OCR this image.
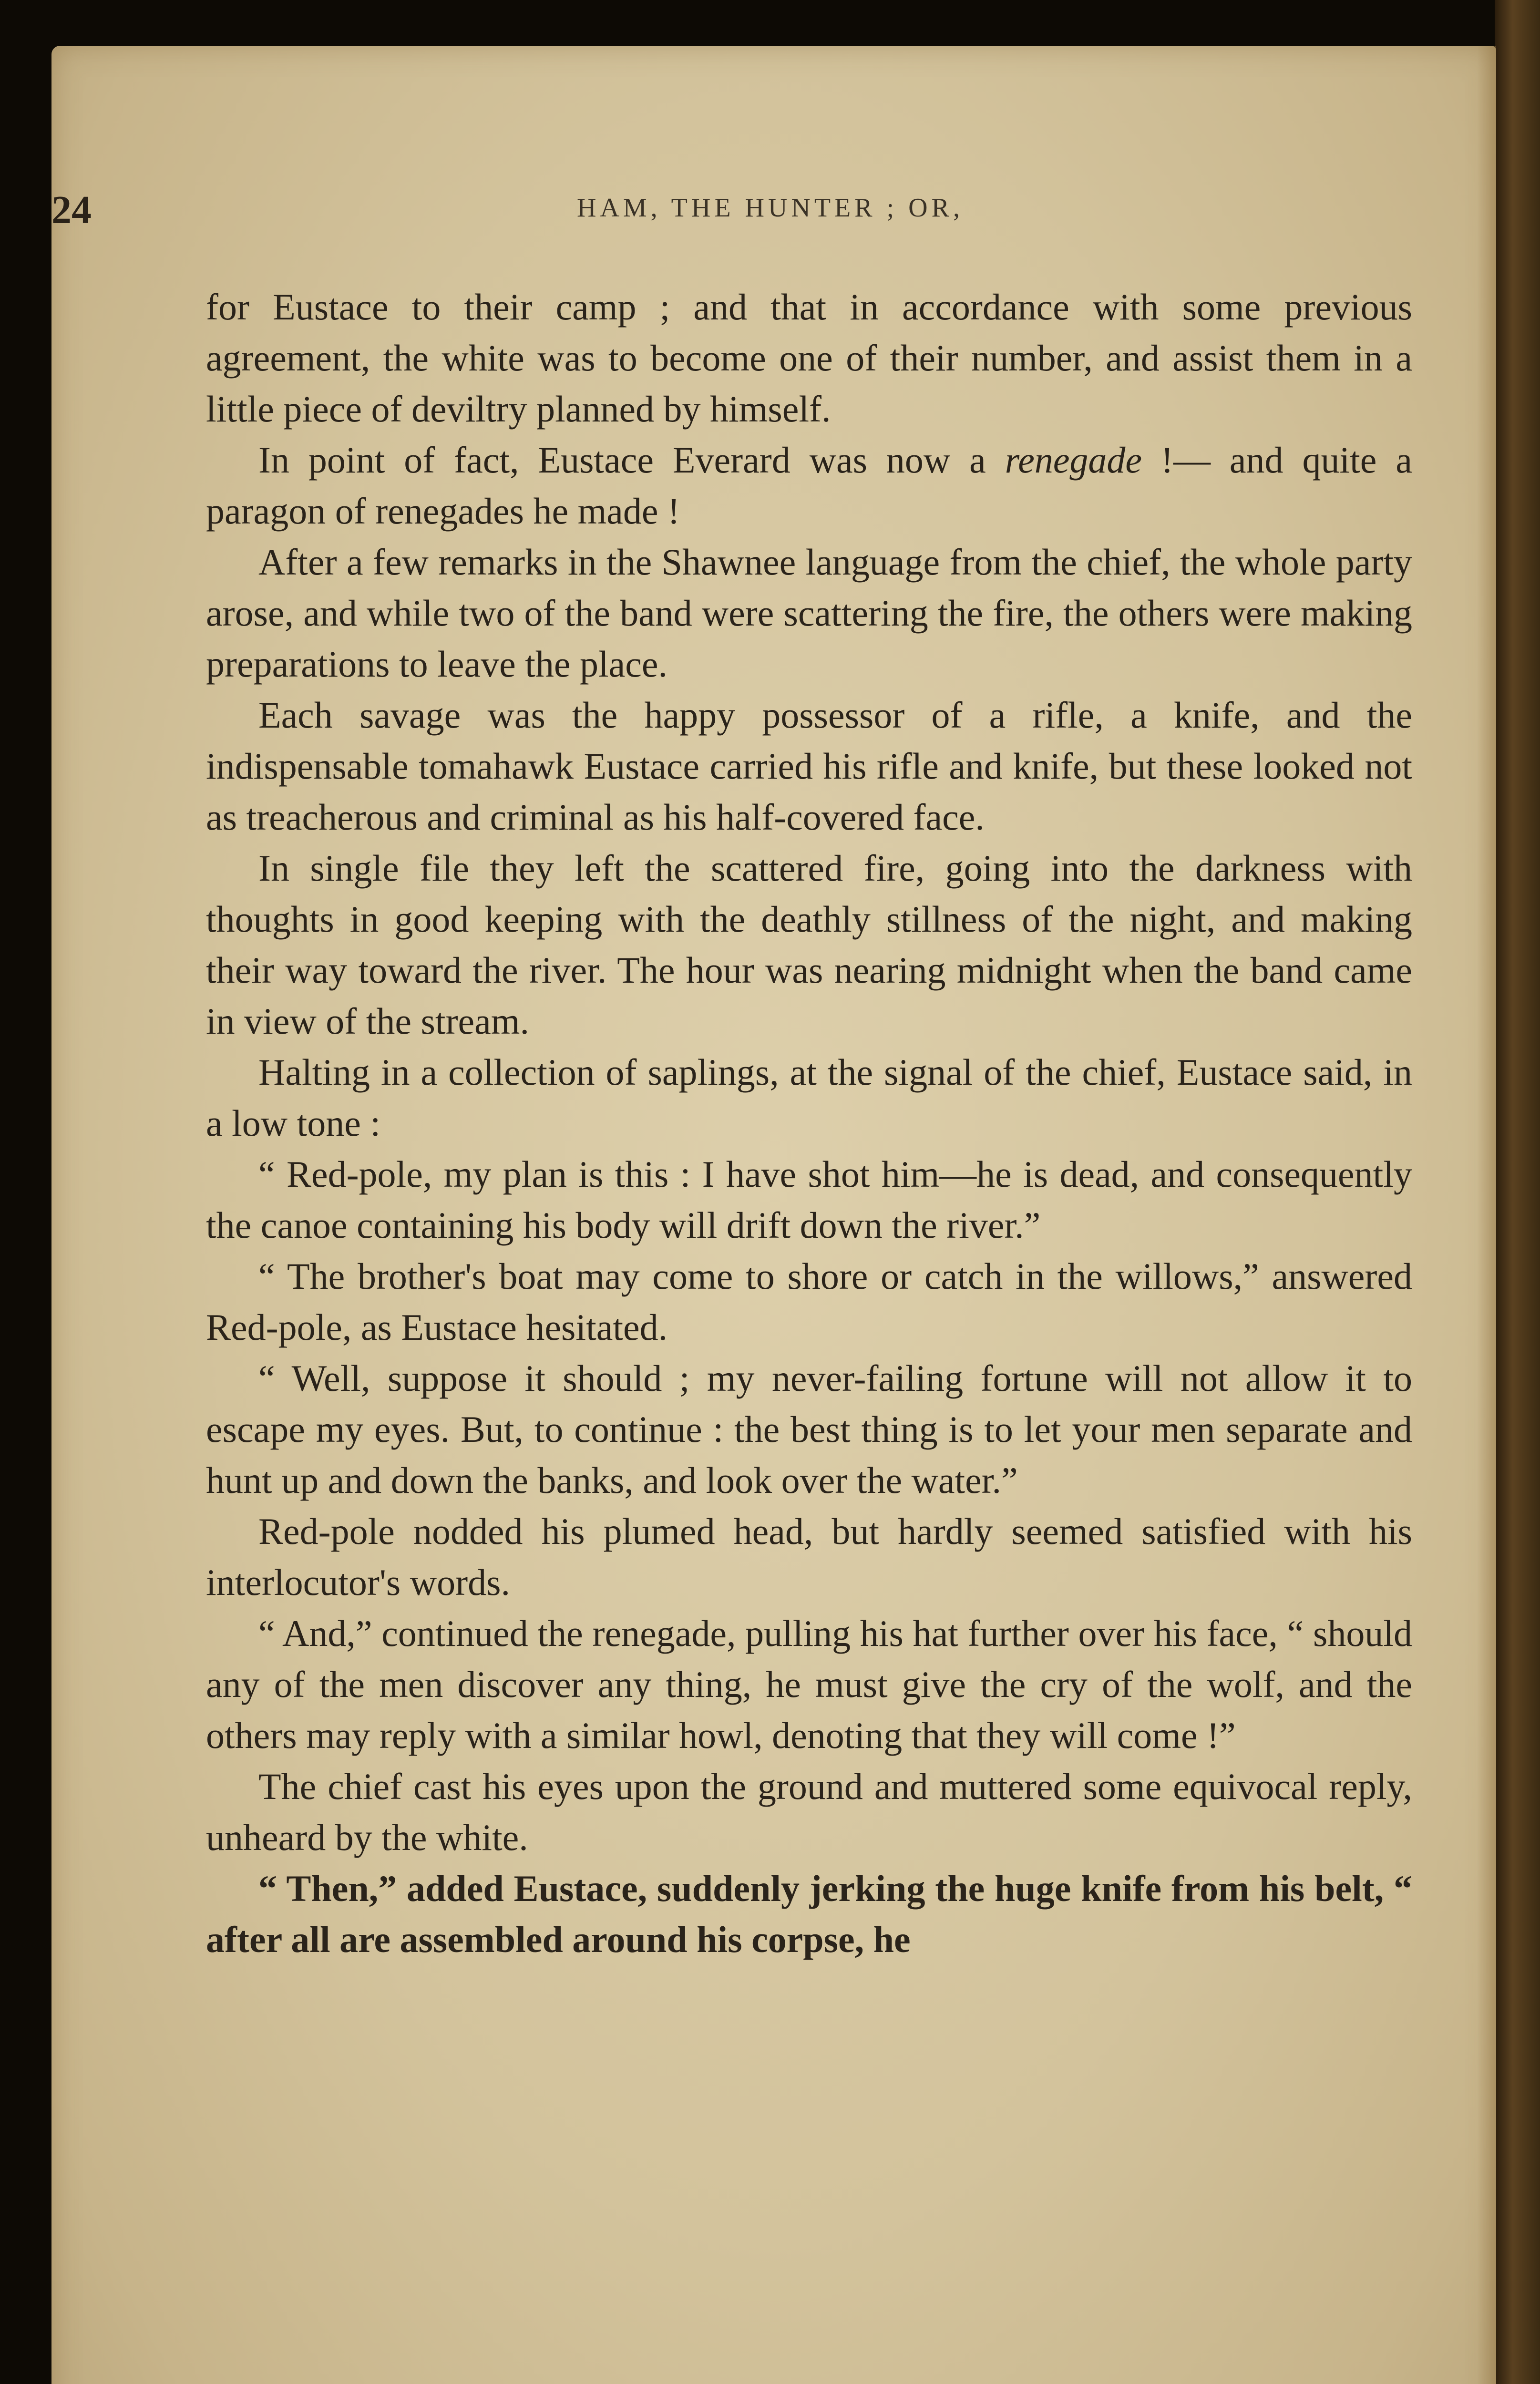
24	HAM, THE HUNTER ; OR,

for Eustace to their camp ; and that in accordance with some previous agreement, the white was to become one of their number, and assist them in a little piece of deviltry planned by himself.

In point of fact, Eustace Everard was now a renegade !— and quite a paragon of renegades he made !

After a few remarks in the Shawnee language from the chief, the whole party arose, and while two of the band were scattering the fire, the others were making preparations to leave the place.

Each savage was the happy possessor of a rifle, a knife, and the indispensable tomahawk Eustace carried his rifle and knife, but these looked not as treacherous and criminal as his half-covered face.

In single file they left the scattered fire, going into the darkness with thoughts in good keeping with the deathly stillness of the night, and making their way toward the river. The hour was nearing midnight when the band came in view of the stream.

Halting in a collection of saplings, at the signal of the chief, Eustace said, in a low tone :

“ Red-pole, my plan is this : I have shot him—he is dead, and consequently the canoe containing his body will drift down the river.”

“ The brother's boat may come to shore or catch in the willows,” answered Red-pole, as Eustace hesitated.

“ Well, suppose it should ; my never-failing fortune will not allow it to escape my eyes. But, to continue : the best thing is to let your men separate and hunt up and down the banks, and look over the water.”

Red-pole nodded his plumed head, but hardly seemed satisfied with his interlocutor's words.

“ And,” continued the renegade, pulling his hat further over his face, “ should any of the men discover any thing, he must give the cry of the wolf, and the others may reply with a similar howl, denoting that they will come !”

The chief cast his eyes upon the ground and muttered some equivocal reply, unheard by the white.

“ Then,” added Eustace, suddenly jerking the huge knife from his belt, “ after all are assembled around his corpse, he
